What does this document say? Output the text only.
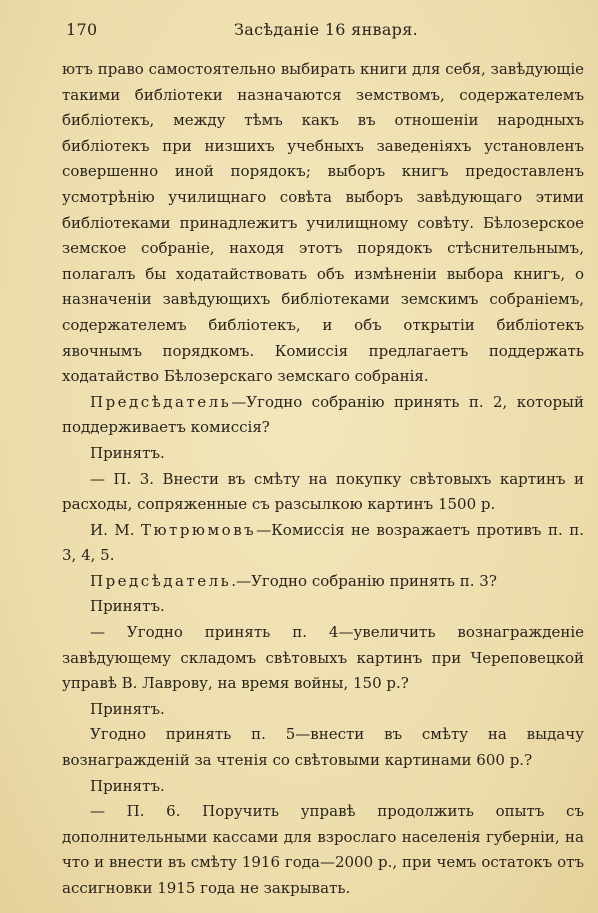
170	Засѣданіе 16 января.

ютъ право самостоятельно выбирать книги для себя, завѣдующіе такими библіотеки назначаются земствомъ, содержателемъ библіотекъ, между тѣмъ какъ въ отношеніи народныхъ библіотекъ при низшихъ учебныхъ заведеніяхъ установленъ совершенно иной порядокъ; выборъ книгъ предоставленъ усмотрѣнію училищнаго совѣта выборъ завѣдующаго этими библіотеками принадлежитъ училищному совѣту. Бѣлозерское земское собраніе, находя этотъ порядокъ стѣснительнымъ, полагалъ бы ходатайствовать объ измѣненіи выбора книгъ, о назначеніи завѣдующихъ библіотеками земскимъ собраніемъ, содержателемъ библіотекъ, и объ открытіи библіотекъ явочнымъ порядкомъ. Комиссія предлагаетъ поддержать ходатайство Бѣлозерскаго земскаго собранія.

Предсѣдатель—Угодно собранію принять п. 2, который поддерживаетъ комиссія?

Принятъ.

— П. 3. Внести въ смѣту на покупку свѣтовыхъ картинъ и расходы, сопряженные съ разсылкою картинъ 1500 р.

И. М. Тютрюмовъ—Комиссія не возражаетъ противъ п. п. 3, 4, 5.

Предсѣдатель.—Угодно собранію принять п. 3?

Принятъ.

— Угодно принять п. 4—увеличить вознагражденіе завѣдующему складомъ свѣтовыхъ картинъ при Череповецкой управѣ В. Лаврову, на время войны, 150 р.?

Принятъ.

Угодно принять п. 5—внести въ смѣту на выдачу вознагражденій за чтенія со свѣтовыми картинами 600 р.?

Принятъ.

— П. 6. Поручить управѣ продолжить опытъ съ дополнительными кассами для взрослаго населенія губерніи, на что и внести въ смѣту 1916 года—2000 р., при чемъ остатокъ отъ ассигновки 1915 года не закрывать.
